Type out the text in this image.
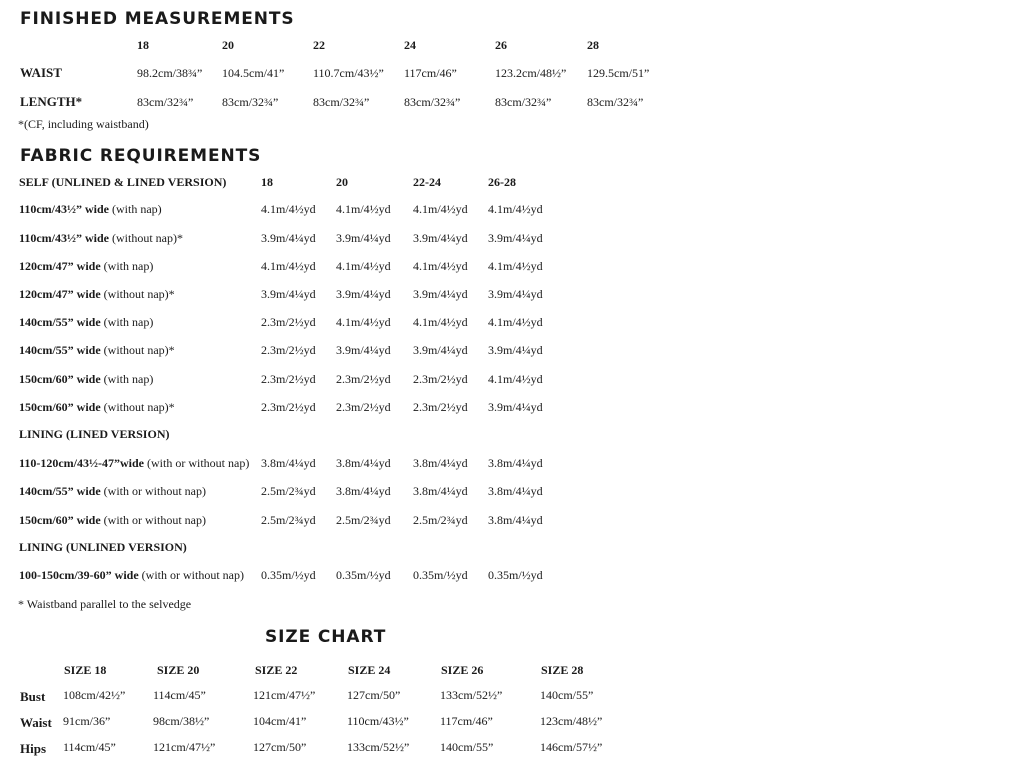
FINISHED MEASUREMENTS
18	20	22	24	26	28
WAIST	98.2cm/38¾” 104.5cm/41” 110.7cm/43½” 117cm/46”	123.2cm/48½” 129.5cm/51”
LENGTH*	83cm/32¾” 83cm/32¾”	83cm/32¾”	83cm/32¾”	83cm/32¾”	83cm/32¾”
*(CF, including waistband)
FABRIC REQUIREMENTS
SELF (UNLINED & LINED VERSION)	18	20	22-24	26-28
110cm/43½” wide (with nap)	4.1m/4½yd 4.1m/4½yd 4.1m/4½yd 4.1m/4½yd
110cm/43½” wide (without nap)*	3.9m/4¼yd 3.9m/4¼yd 3.9m/4¼yd 3.9m/4¼yd
120cm/47” wide (with nap)	4.1m/4½yd 4.1m/4½yd 4.1m/4½yd 4.1m/4½yd
120cm/47” wide (without nap)*	3.9m/4¼yd 3.9m/4¼yd 3.9m/4¼yd 3.9m/4¼yd
140cm/55” wide (with nap)	2.3m/2½yd 4.1m/4½yd 4.1m/4½yd 4.1m/4½yd
140cm/55” wide (without nap)*	2.3m/2½yd 3.9m/4¼yd 3.9m/4¼yd 3.9m/4¼yd
150cm/60” wide (with nap)	2.3m/2½yd 2.3m/2½yd 2.3m/2½yd 4.1m/4½yd
150cm/60” wide (without nap)*	2.3m/2½yd 2.3m/2½yd 2.3m/2½yd 3.9m/4¼yd
LINING (LINED VERSION)
110-120cm/43½-47”wide (with or without nap) 3.8m/4¼yd 3.8m/4¼yd 3.8m/4¼yd 3.8m/4¼yd
140cm/55” wide (with or without nap)	2.5m/2¾yd 3.8m/4¼yd 3.8m/4¼yd 3.8m/4¼yd
150cm/60” wide (with or without nap)	2.5m/2¾yd 2.5m/2¾yd 2.5m/2¾yd 3.8m/4¼yd
LINING (UNLINED VERSION)
100-150cm/39-60” wide (with or without nap) 0.35m/½yd 0.35m/½yd 0.35m/½yd 0.35m/½yd
* Waistband parallel to the selvedge
SIZE CHART
SIZE 18	SIZE 20	SIZE 22	SIZE 24	SIZE 26	SIZE 28
Bust 108cm/42½” 114cm/45”	121cm/47½”	127cm/50”	133cm/52½”	140cm/55”
Waist 91cm/36”	98cm/38½”	104cm/41”	110cm/43½”	117cm/46”	123cm/48½”
Hips 114cm/45”	121cm/47½”	127cm/50”	133cm/52½”	140cm/55”	146cm/57½”
